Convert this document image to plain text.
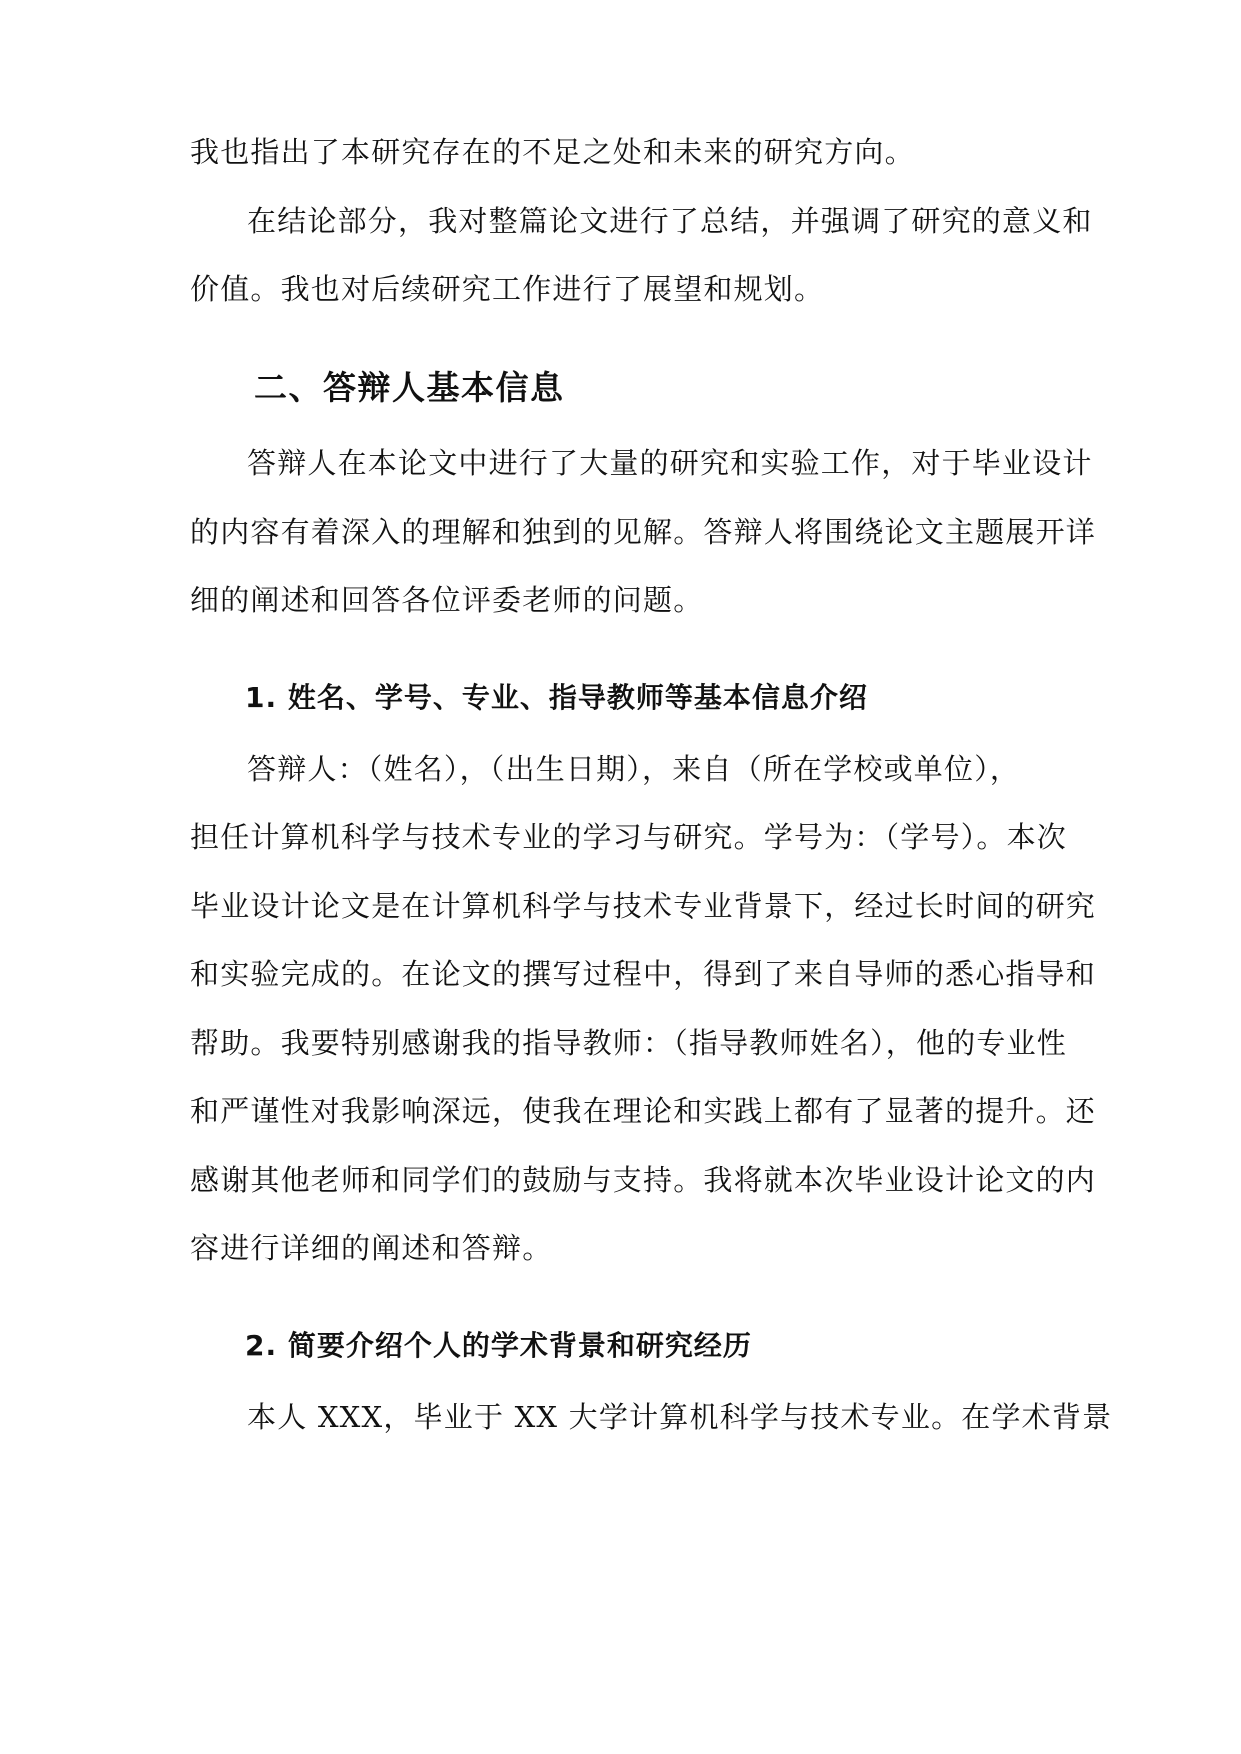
我也指出了本研究存在的不足之处和未来的研究方向。
在结论部分，我对整篇论文进行了总结，并强调了研究的意义和
价值。我也对后续研究工作进行了展望和规划。
二、答辩人基本信息
答辩人在本论文中进行了大量的研究和实验工作，对于毕业设计
的内容有着深入的理解和独到的见解。答辩人将围绕论文主题展开详
细的阐述和回答各位评委老师的问题。
1. 姓名、学号、专业、指导教师等基本信息介绍
答辩人：（姓名），（出生日期），来自（所在学校或单位），
担任计算机科学与技术专业的学习与研究。学号为：（学号）。本次
毕业设计论文是在计算机科学与技术专业背景下，经过长时间的研究
和实验完成的。在论文的撰写过程中，得到了来自导师的悉心指导和
帮助。我要特别感谢我的指导教师：（指导教师姓名），他的专业性
和严谨性对我影响深远，使我在理论和实践上都有了显著的提升。还
感谢其他老师和同学们的鼓励与支持。我将就本次毕业设计论文的内
容进行详细的阐述和答辩。
2. 简要介绍个人的学术背景和研究经历
本人 XXX，毕业于 XX 大学计算机科学与技术专业。在学术背景
